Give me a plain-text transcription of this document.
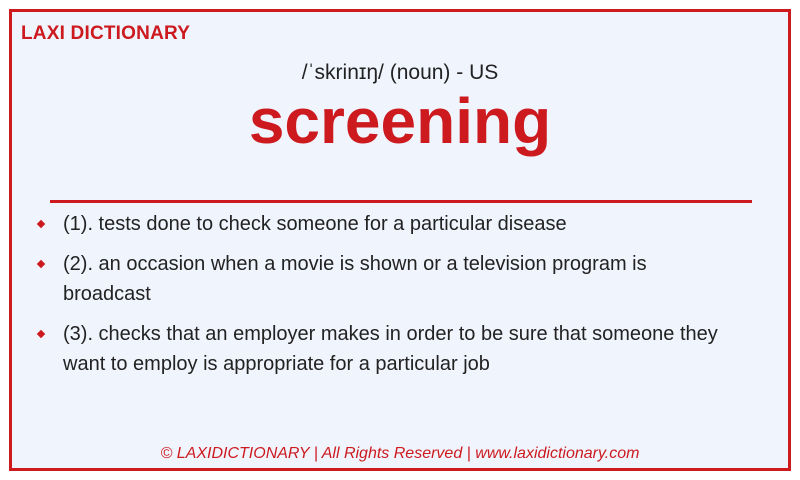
LAXI DICTIONARY
/ˈskrinɪŋ/ (noun) - US
screening
(1). tests done to check someone for a particular disease
(2). an occasion when a movie is shown or a television program is broadcast
(3). checks that an employer makes in order to be sure that someone they want to employ is appropriate for a particular job
© LAXIDICTIONARY | All Rights Reserved | www.laxidictionary.com
